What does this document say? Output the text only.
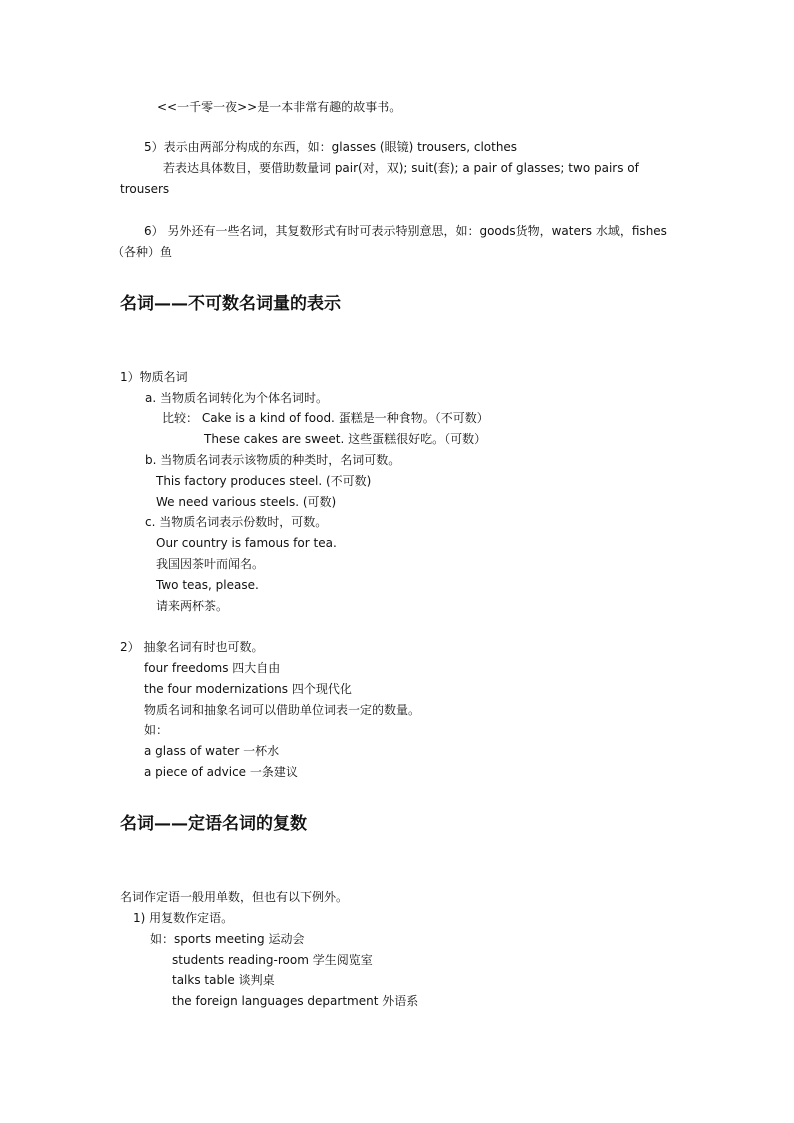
<<一千零一夜>>是一本非常有趣的故事书。
5）表示由两部分构成的东西，如：glasses (眼镜) trousers, clothes
若表达具体数目，要借助数量词 pair(对，双); suit(套); a pair of glasses; two pairs of
trousers
6） 另外还有一些名词，其复数形式有时可表示特别意思，如：goods货物，waters 水域，fishes
（各种）鱼
名词——不可数名词量的表示
1）物质名词
a. 当物质名词转化为个体名词时。
比较： Cake is a kind of food. 蛋糕是一种食物。（不可数）
These cakes are sweet. 这些蛋糕很好吃。（可数）
b. 当物质名词表示该物质的种类时，名词可数。
This factory produces steel. (不可数)
We need various steels. (可数)
c. 当物质名词表示份数时，可数。
Our country is famous for tea.
我国因茶叶而闻名。
Two teas, please.
请来两杯茶。
2） 抽象名词有时也可数。
four freedoms 四大自由
the four modernizations 四个现代化
物质名词和抽象名词可以借助单位词表一定的数量。
如：
a glass of water 一杯水
a piece of advice 一条建议
名词——定语名词的复数
名词作定语一般用单数，但也有以下例外。
1) 用复数作定语。
如：sports meeting 运动会
students reading-room 学生阅览室
talks table 谈判桌
the foreign languages department 外语系
